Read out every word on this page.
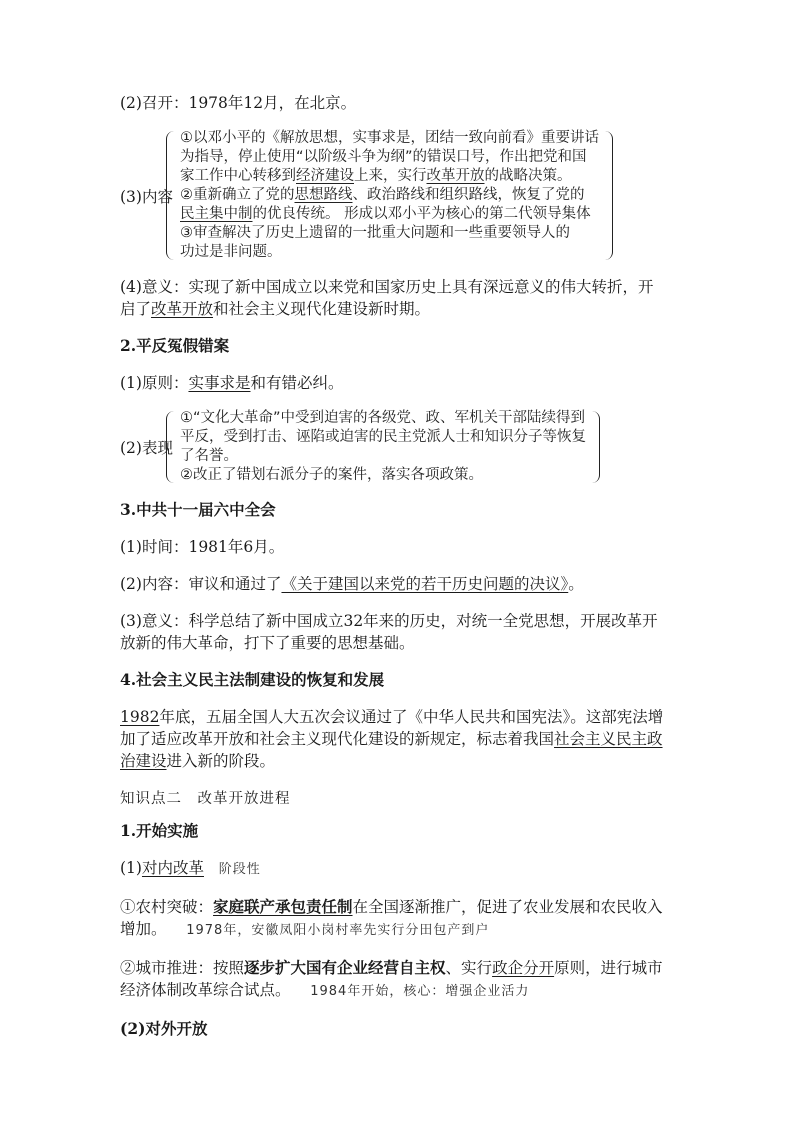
(2)召开：1978年12月，在北京。
(3)内容
①以邓小平的《解放思想，实事求是，团结一致向前看》重要讲话
为指导，停止使用“以阶级斗争为纲”的错误口号，作出把党和国
家工作中心转移到经济建设上来，实行改革开放的战略决策。
②重新确立了党的思想路线、政治路线和组织路线，恢复了党的
民主集中制的优良传统。 形成以邓小平为核心的第二代领导集体
③审查解决了历史上遗留的一批重大问题和一些重要领导人的
功过是非问题。
(4)意义：实现了新中国成立以来党和国家历史上具有深远意义的伟大转折，开
启了改革开放和社会主义现代化建设新时期。
2.平反冤假错案
(1)原则：实事求是和有错必纠。
(2)表现
①“文化大革命”中受到迫害的各级党、政、军机关干部陆续得到
平反，受到打击、诬陷或迫害的民主党派人士和知识分子等恢复
了名誉。
②改正了错划右派分子的案件，落实各项政策。
3.中共十一届六中全会
(1)时间：1981年6月。
(2)内容：审议和通过了《关于建国以来党的若干历史问题的决议》。
(3)意义：科学总结了新中国成立32年来的历史，对统一全党思想，开展改革开
放新的伟大革命，打下了重要的思想基础。
4.社会主义民主法制建设的恢复和发展
1982年底，五届全国人大五次会议通过了《中华人民共和国宪法》。这部宪法增
加了适应改革开放和社会主义现代化建设的新规定，标志着我国社会主义民主政
治建设进入新的阶段。
知识点二　改革开放进程
1.开始实施
(1)对内改革 阶段性
①农村突破：家庭联产承包责任制在全国逐渐推广，促进了农业发展和农民收入
增加。 1978年，安徽凤阳小岗村率先实行分田包产到户
②城市推进：按照逐步扩大国有企业经营自主权、实行政企分开原则，进行城市
经济体制改革综合试点。 1984年开始，核心：增强企业活力
(2)对外开放
